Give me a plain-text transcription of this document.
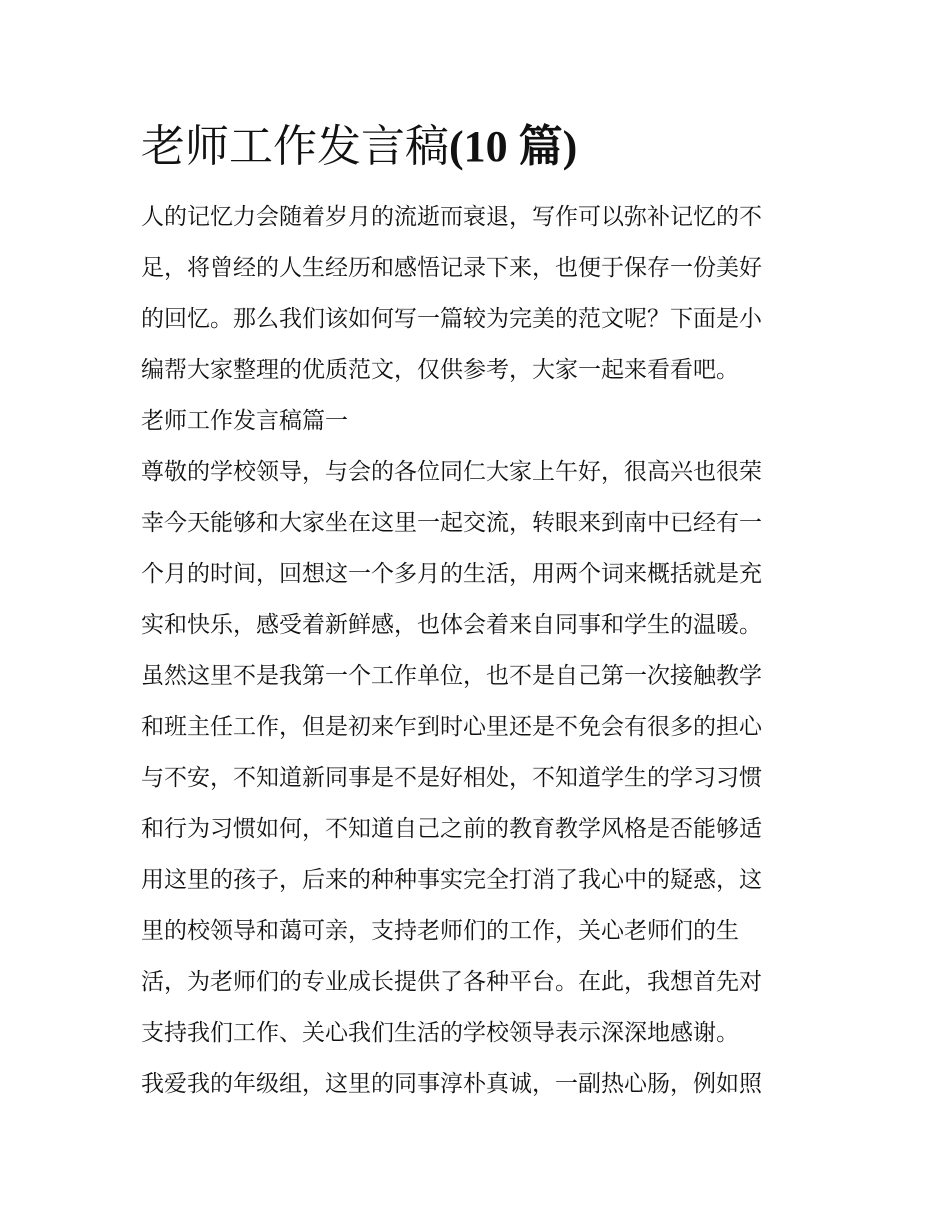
老师工作发言稿(10 篇)
人的记忆力会随着岁月的流逝而衰退，写作可以弥补记忆的不
足，将曾经的人生经历和感悟记录下来，也便于保存一份美好
的回忆。那么我们该如何写一篇较为完美的范文呢？下面是小
编帮大家整理的优质范文，仅供参考，大家一起来看看吧。
老师工作发言稿篇一
尊敬的学校领导，与会的各位同仁大家上午好，很高兴也很荣
幸今天能够和大家坐在这里一起交流，转眼来到南中已经有一
个月的时间，回想这一个多月的生活，用两个词来概括就是充
实和快乐，感受着新鲜感，也体会着来自同事和学生的温暖。
虽然这里不是我第一个工作单位，也不是自己第一次接触教学
和班主任工作，但是初来乍到时心里还是不免会有很多的担心
与不安，不知道新同事是不是好相处，不知道学生的学习习惯
和行为习惯如何，不知道自己之前的教育教学风格是否能够适
用这里的孩子，后来的种种事实完全打消了我心中的疑惑，这
里的校领导和蔼可亲，支持老师们的工作，关心老师们的生
活，为老师们的专业成长提供了各种平台。在此，我想首先对
支持我们工作、关心我们生活的学校领导表示深深地感谢。
我爱我的年级组，这里的同事淳朴真诚，一副热心肠，例如照
